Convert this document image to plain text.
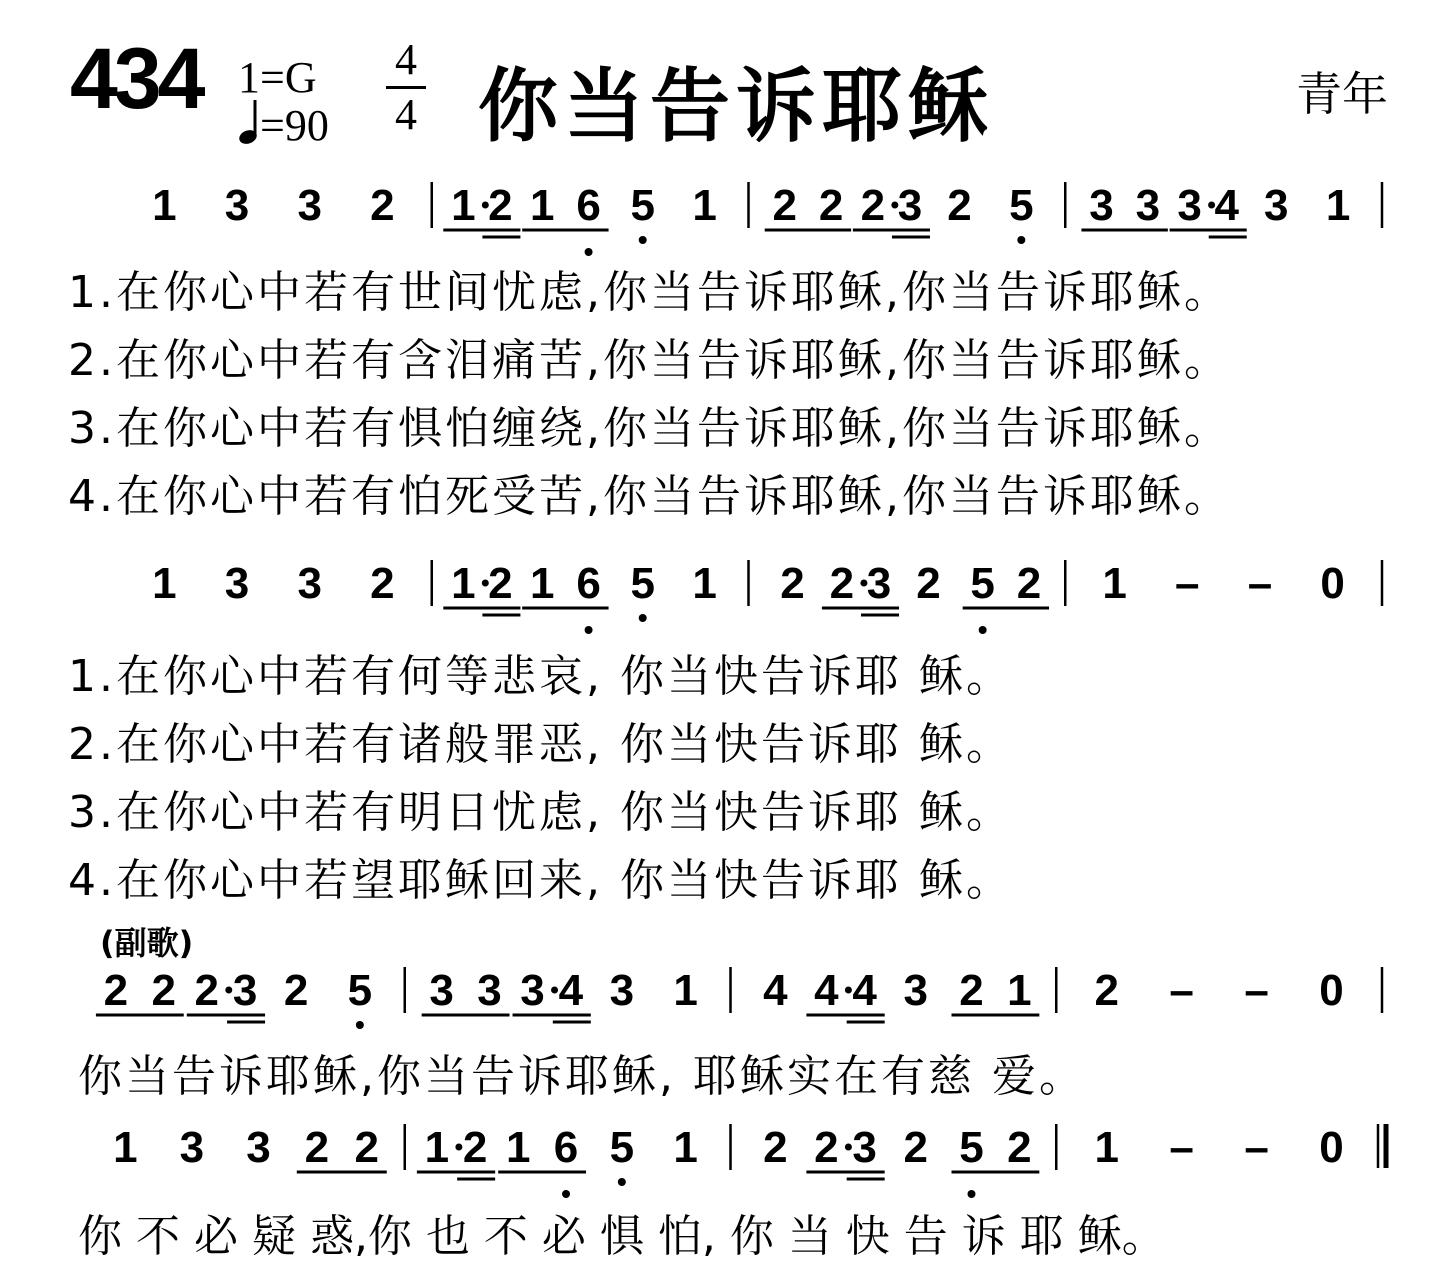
434 1=G
=90
4
4 你当告诉耶稣	青年
1 3 3 2 1 2 1 6 5 1 2 2 2 3 2 5 3 3 3 4 3 1
1 3 3 2 1 2 1 6 5 1 2 2 3 2 5 2 1 – – 0
2 2 2 3 2 5 3 3 3 4 3 1 4 4 4 3 2 1 2 – – 0
1 3 3 2 2 1 2 1 6 5 1 2 2 3 2 5 2 1 – – 0
1.在你心中若有世间忧虑,你当告诉耶稣,你当告诉耶稣。
2.在你心中若有含泪痛苦,你当告诉耶稣,你当告诉耶稣。
3.在你心中若有惧怕缠绕,你当告诉耶稣,你当告诉耶稣。
4.在你心中若有怕死受苦,你当告诉耶稣,你当告诉耶稣。
1.在你心中若有何等悲哀, 你当快告诉耶 稣。
2.在你心中若有诸般罪恶, 你当快告诉耶 稣。
3.在你心中若有明日忧虑, 你当快告诉耶 稣。
4.在你心中若望耶稣回来, 你当快告诉耶 稣。
(副歌)
你当告诉耶稣,你当告诉耶稣, 耶稣实在有慈 爱。
你 不 必 疑 惑,你 也 不 必 惧 怕, 你 当 快 告 诉 耶 稣。
